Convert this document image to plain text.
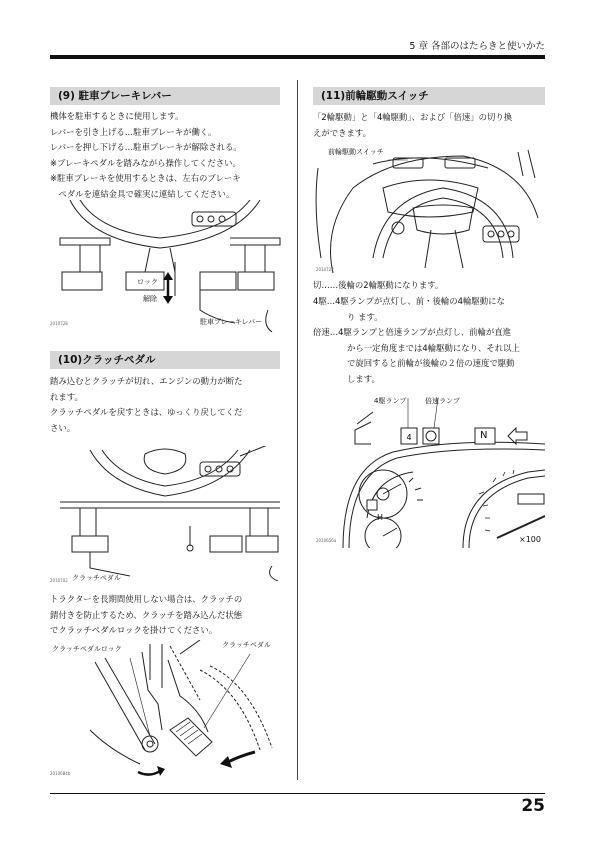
5 章 各部のはたらきと使いかた
(9) 駐車ブレーキレバー

機体を駐車するときに使用します。

レバーを引き上げる…駐車ブレーキが働く。

レバーを押し下げる…駐車ブレーキが解除される。

※ブレーキペダルを踏みながら操作してください。

※駐車ブレーキを使用するときは、左右のブレーキ

　ペダルを連結金具で確実に連結してください。

ロック
解除
駐車ブレーキレバー
2010728
(10)クラッチペダル

踏み込むとクラッチが切れ、エンジンの動力が断た

れます。

クラッチペダルを戻すときは、ゆっくり戻してくだ

さい。

クラッチペダル
2010702

トラクターを長期間使用しない場合は、クラッチの

錆付きを防止するため、クラッチを踏み込んだ状態

でクラッチペダルロックを掛けてください。

クラッチペダルロック	クラッチペダル
2010684b
(11)前輪駆動スイッチ

「2輪駆動」と「4輪駆動」、および「倍速」の切り換

えができます。

前輪駆動スイッチ
2010722

切……後輪の2輪駆動になります。

4駆…4駆ランプが点灯し、前・後輪の4輪駆動にな

り ます。

倍速…4駆ランプと倍速ランプが点灯し、前輪が直進

から一定角度までは4輪駆動になり、それ以上

で旋回すると前輪が後輪の２倍の速度で駆動

します。

4
4駆ランプ	倍速ランプ
N
H
×100
2010656a
25
